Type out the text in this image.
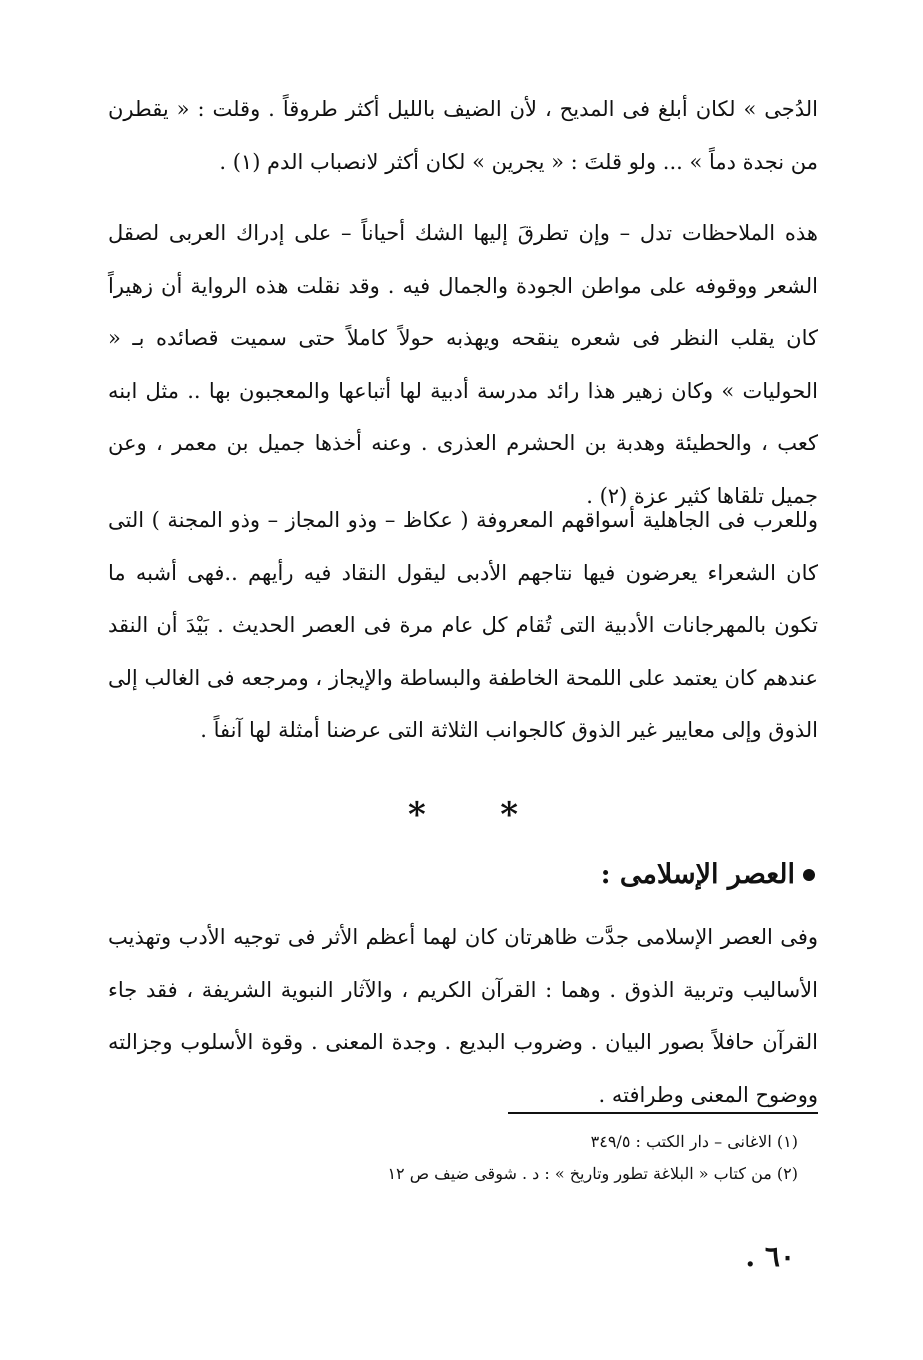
الدُجى » لكان أبلغ فى المديح ، لأن الضيف بالليل أكثر طروقاً . وقلت : « يقطرن من نجدة دماً » ... ولو قلتَ : « يجرين » لكان أكثر لانصباب الدم (١) .

هذه الملاحظات تدل – وإن تطرقَ إليها الشك أحياناً – على إدراك العربى لصقل الشعر ووقوفه على مواطن الجودة والجمال فيه . وقد نقلت هذه الرواية أن زهيراً كان يقلب النظر فى شعره ينقحه ويهذبه حولاً كاملاً حتى سميت قصائده بـ « الحوليات » وكان زهير هذا رائد مدرسة أدبية لها أتباعها والمعجبون بها .. مثل ابنه كعب ، والحطيئة وهدبة بن الحشرم العذرى . وعنه أخذها جميل بن معمر ، وعن جميل تلقاها كثير عزة (٢) .

وللعرب فى الجاهلية أسواقهم المعروفة ( عكاظ – وذو المجاز – وذو المجنة ) التى كان الشعراء يعرضون فيها نتاجهم الأدبى ليقول النقاد فيه رأيهم ..فهى أشبه ما تكون بالمهرجانات الأدبية التى تُقام كل عام مرة فى العصر الحديث . بَيْدَ أن النقد عندهم كان يعتمد على اللمحة الخاطفة والبساطة والإيجاز ، ومرجعه فى الغالب إلى الذوق وإلى معايير غير الذوق كالجوانب الثلاثة التى عرضنا أمثلة لها آنفاً .

* *
العصر الإسلامى :

وفى العصر الإسلامى جدَّت ظاهرتان كان لهما أعظم الأثر فى توجيه الأدب وتهذيب الأساليب وتربية الذوق . وهما : القرآن الكريم ، والآثار النبوية الشريفة ، فقد جاء القرآن حافلاً بصور البيان . وضروب البديع . وجدة المعنى . وقوة الأسلوب وجزالته ووضوح المعنى وطرافته .

(١) الاغانى – دار الكتب : ٣٤٩/٥

(٢) من كتاب « البلاغة تطور وتاريخ » : د . شوقى ضيف ص ١٢

٦٠ .
